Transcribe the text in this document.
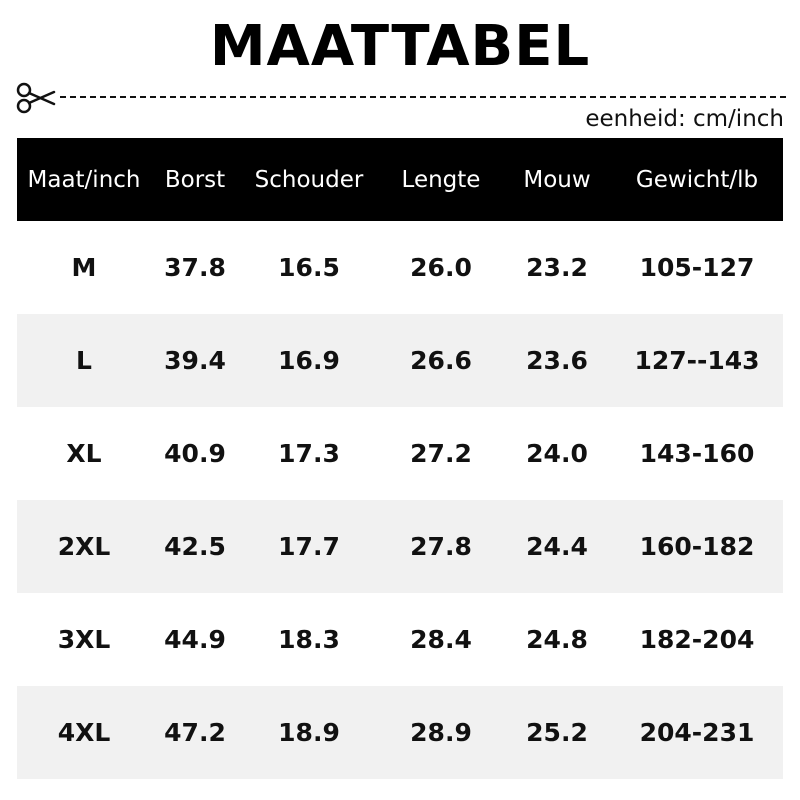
MAATTABEL
eenheid: cm/inch
Maat/inch	Borst	Schouder	Lengte	Mouw	Gewicht/lb
M	37.8	16.5	26.0	23.2	105-127
L	39.4	16.9	26.6	23.6	127--143
XL	40.9	17.3	27.2	24.0	143-160
2XL	42.5	17.7	27.8	24.4	160-182
3XL	44.9	18.3	28.4	24.8	182-204
4XL	47.2	18.9	28.9	25.2	204-231
